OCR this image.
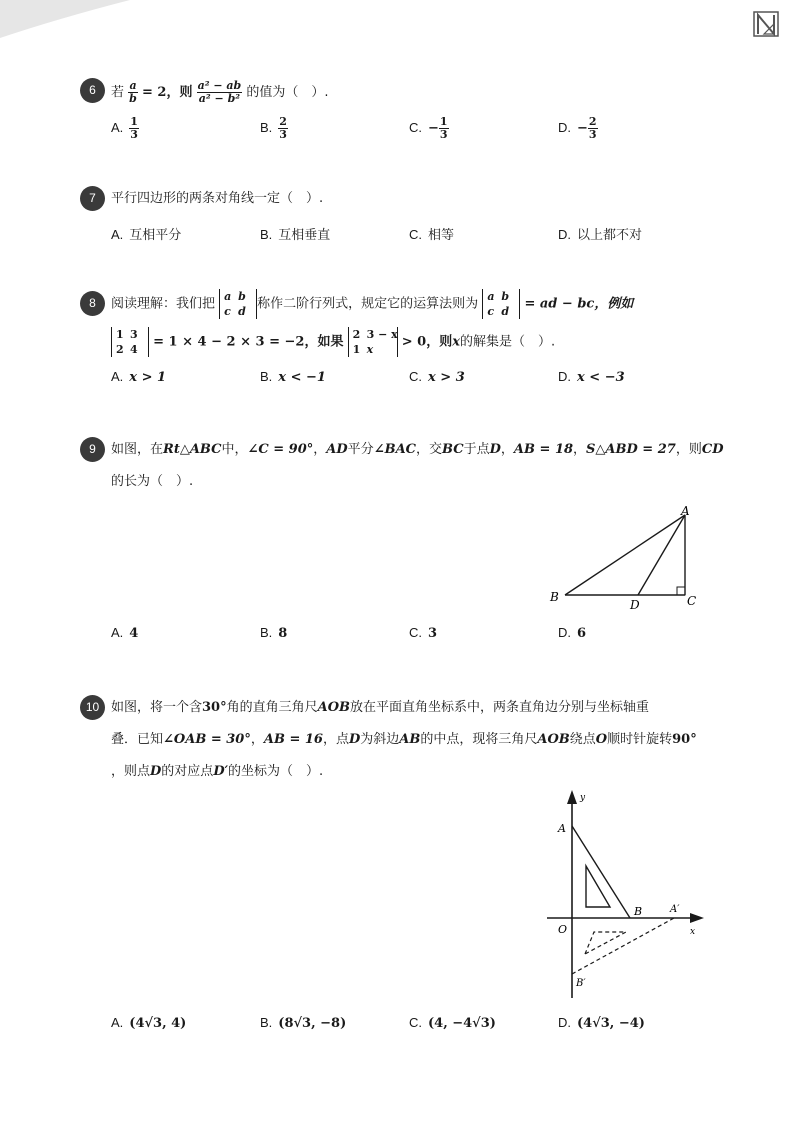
6	若 $\frac{a}{b} = 2$，则 $\frac{\text{a² − ab}}{\text{a² − b²}}$ 的值为（　）.
A. $\frac{1}{3}$	B. $\frac{2}{3}$	C. − $\frac{1}{3}$	D. − $\frac{2}{3}$
7	平行四边形的两条对角线一定（　）.
A. 互相平分	B. 互相垂直	C. 相等	D. 以上都不对
8	阅读理解：我们把 a b
c d 称作二阶行列式，规定它的运算法则为 a b
c d = ad − bc，例如
1 3
2 4 = 1 × 4 − 2 × 3 = −2，如果 2 3 − x
1 x > 0，则x的解集是（　）.
A. x > 1	B. x < −1	C. x > 3	D. x < −3
9	如图，在Rt△ABC中，∠C = 90°，AD平分∠BAC，交BC于点D，AB = 18，S△ABD = 27，则CD
的长为（　）.
A
B	C
D
A. 4	B. 8	C. 3	D. 6
10 如图，将一个含30°角的直角三角尺AOB放在平面直角坐标系中，两条直角边分别与坐标轴重
叠．已知∠OAB = 30°，AB = 16，点D为斜边AB的中点，现将三角尺AOB绕点O顺时针旋转90°
，则点D的对应点D′的坐标为（　）.
y
x
A
B
O
A′
B′
A. (4√3, 4)	B. (8√3, −8)	C. (4, −4√3)	D. (4√3, −4)
